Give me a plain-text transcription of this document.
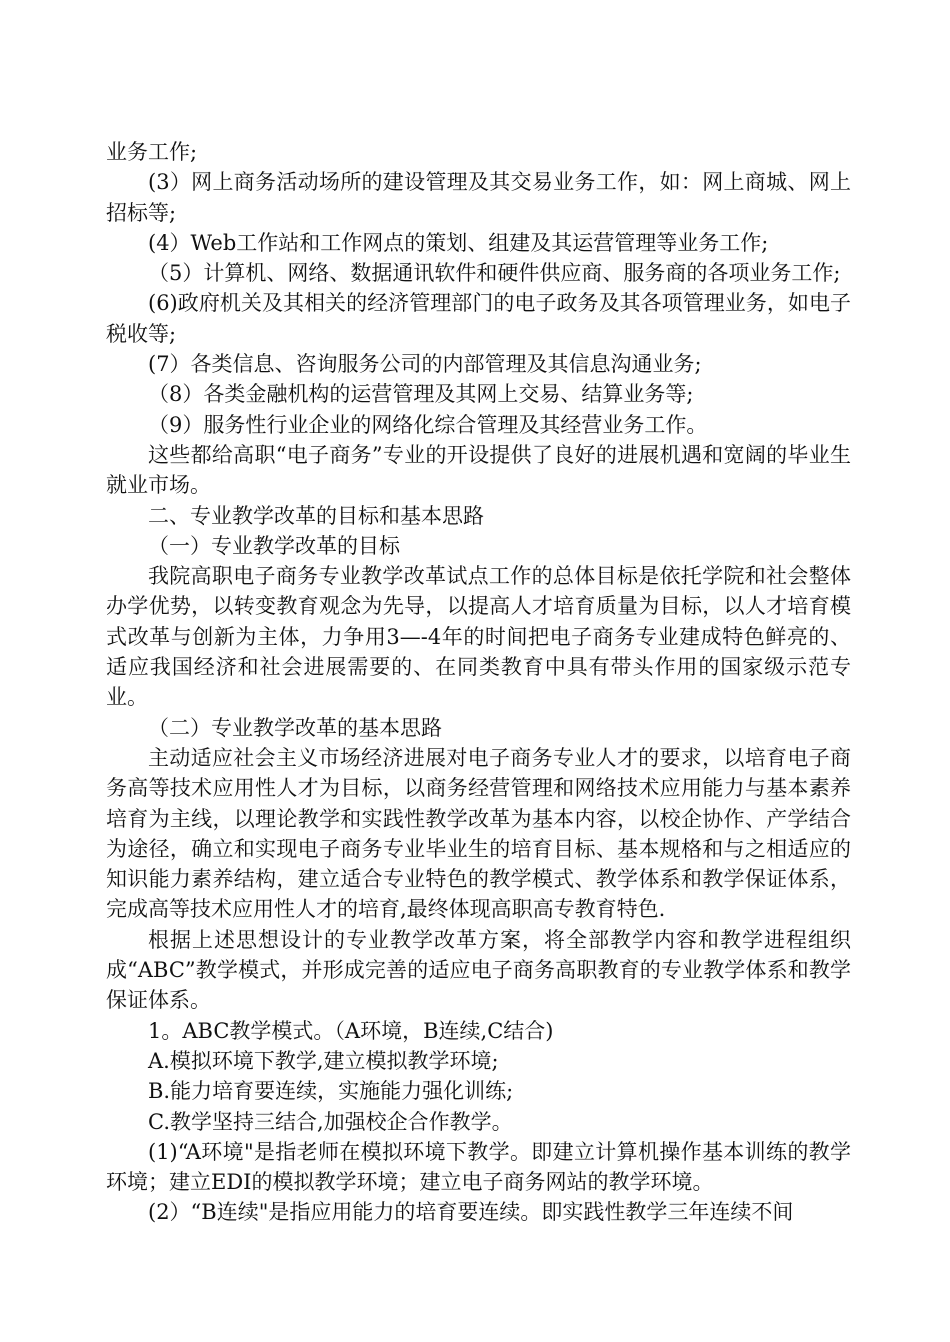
业务工作;

(3）网上商务活动场所的建设管理及其交易业务工作，如：网上商城、网上招标等;

(4）Web工作站和工作网点的策划、组建及其运营管理等业务工作;

（5）计算机、网络、数据通讯软件和硬件供应商、服务商的各项业务工作;

(6)政府机关及其相关的经济管理部门的电子政务及其各项管理业务，如电子税收等;

(7）各类信息、咨询服务公司的内部管理及其信息沟通业务;

（8）各类金融机构的运营管理及其网上交易、结算业务等;

（9）服务性行业企业的网络化综合管理及其经营业务工作。

这些都给高职“电子商务”专业的开设提供了良好的进展机遇和宽阔的毕业生就业市场。

二、专业教学改革的目标和基本思路

（一）专业教学改革的目标

我院高职电子商务专业教学改革试点工作的总体目标是依托学院和社会整体办学优势，以转变教育观念为先导，以提高人才培育质量为目标，以人才培育模式改革与创新为主体，力争用3—-4年的时间把电子商务专业建成特色鲜亮的、适应我国经济和社会进展需要的、在同类教育中具有带头作用的国家级示范专业。

（二）专业教学改革的基本思路

主动适应社会主义市场经济进展对电子商务专业人才的要求，以培育电子商务高等技术应用性人才为目标，以商务经营管理和网络技术应用能力与基本素养培育为主线，以理论教学和实践性教学改革为基本内容，以校企协作、产学结合为途径，确立和实现电子商务专业毕业生的培育目标、基本规格和与之相适应的知识能力素养结构，建立适合专业特色的教学模式、教学体系和教学保证体系，完成高等技术应用性人才的培育,最终体现高职高专教育特色.

根据上述思想设计的专业教学改革方案，将全部教学内容和教学进程组织成“ABC”教学模式，并形成完善的适应电子商务高职教育的专业教学体系和教学保证体系。

1。ABC教学模式。（A环境，B连续,C结合)

A.模拟环境下教学,建立模拟教学环境;

B.能力培育要连续，实施能力强化训练;

C.教学坚持三结合,加强校企合作教学。

(1)“A环境"是指老师在模拟环境下教学。即建立计算机操作基本训练的教学环境；建立EDI的模拟教学环境；建立电子商务网站的教学环境。

(2）“B连续"是指应用能力的培育要连续。即实践性教学三年连续不间
